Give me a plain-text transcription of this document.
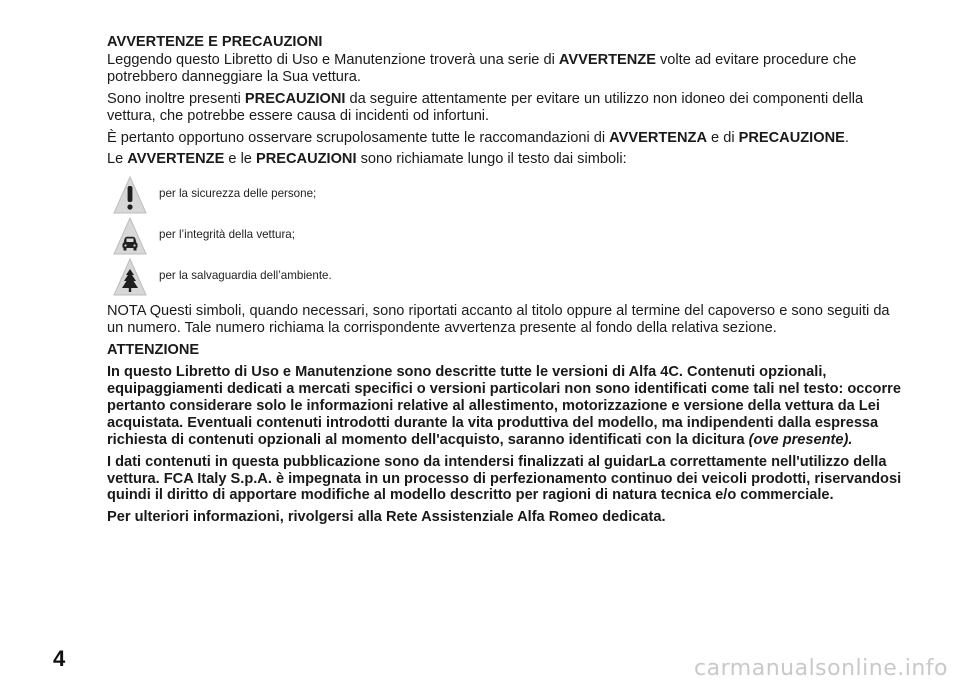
AVVERTENZE E PRECAUZIONI

Leggendo questo Libretto di Uso e Manutenzione troverà una serie di AVVERTENZE volte ad evitare procedure che potrebbero danneggiare la Sua vettura.

Sono inoltre presenti PRECAUZIONI da seguire attentamente per evitare un utilizzo non idoneo dei componenti della vettura, che potrebbe essere causa di incidenti od infortuni.

È pertanto opportuno osservare scrupolosamente tutte le raccomandazioni di AVVERTENZA e di PRECAUZIONE.

Le AVVERTENZE e le PRECAUZIONI sono richiamate lungo il testo dai simboli:

per la sicurezza delle persone;
per l’integrità della vettura;
per la salvaguardia dell’ambiente.

NOTA Questi simboli, quando necessari, sono riportati accanto al titolo oppure al termine del capoverso e sono seguiti da un numero. Tale numero richiama la corrispondente avvertenza presente al fondo della relativa sezione.

ATTENZIONE

In questo Libretto di Uso e Manutenzione sono descritte tutte le versioni di Alfa 4C. Contenuti opzionali, equipaggiamenti dedicati a mercati specifici o versioni particolari non sono identificati come tali nel testo: occorre pertanto considerare solo le informazioni relative al allestimento, motorizzazione e versione della vettura da Lei acquistata. Eventuali contenuti introdotti durante la vita produttiva del modello, ma indipendenti dalla espressa richiesta di contenuti opzionali al momento dell'acquisto, saranno identificati con la dicitura (ove presente).

I dati contenuti in questa pubblicazione sono da intendersi finalizzati al guidarLa correttamente nell'utilizzo della vettura. FCA Italy S.p.A. è impegnata in un processo di perfezionamento continuo dei veicoli prodotti, riservandosi quindi il diritto di apportare modifiche al modello descritto per ragioni di natura tecnica e/o commerciale.

Per ulteriori informazioni, rivolgersi alla Rete Assistenziale Alfa Romeo dedicata.

4	carmanualsonline.info
